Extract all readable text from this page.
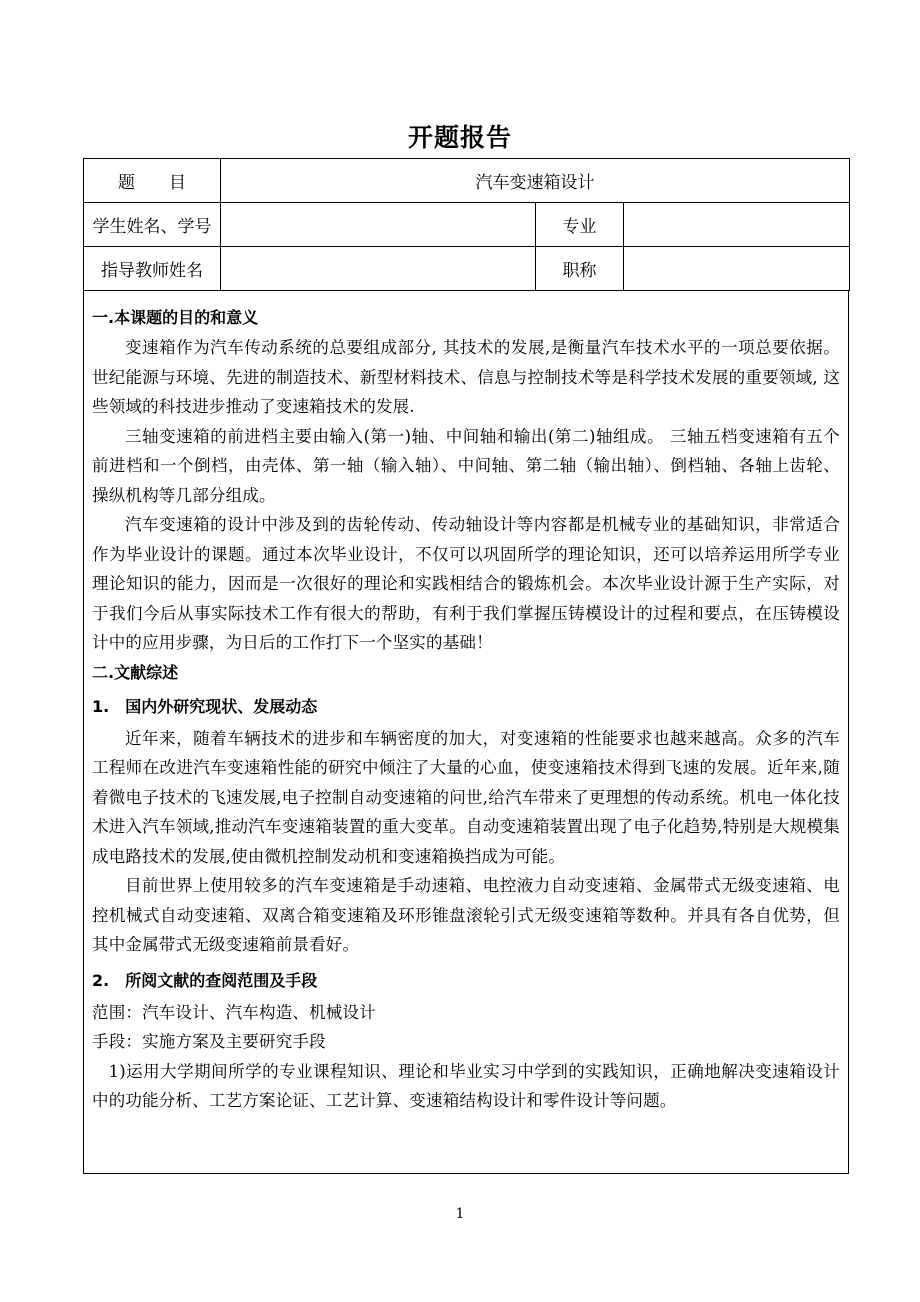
开题报告
题　　目	汽车变速箱设计		
学生姓名、学号		专业	
指导教师姓名		职称	
一.本课题的目的和意义

变速箱作为汽车传动系统的总要组成部分, 其技术的发展,是衡量汽车技术水平的一项总要依据。世纪能源与环境、先进的制造技术、新型材料技术、信息与控制技术等是科学技术发展的重要领域, 这些领域的科技进步推动了变速箱技术的发展.

三轴变速箱的前进档主要由输入(第一)轴、中间轴和输出(第二)轴组成。 三轴五档变速箱有五个前进档和一个倒档，由壳体、第一轴（输入轴）、中间轴、第二轴（输出轴）、倒档轴、各轴上齿轮、操纵机构等几部分组成。

汽车变速箱的设计中涉及到的齿轮传动、传动轴设计等内容都是机械专业的基础知识，非常适合作为毕业设计的课题。通过本次毕业设计，不仅可以巩固所学的理论知识，还可以培养运用所学专业理论知识的能力，因而是一次很好的理论和实践相结合的锻炼机会。本次毕业设计源于生产实际，对于我们今后从事实际技术工作有很大的帮助，有利于我们掌握压铸模设计的过程和要点，在压铸模设计中的应用步骤，为日后的工作打下一个坚实的基础！

二.文献综述
1.　国内外研究现状、发展动态

近年来，随着车辆技术的进步和车辆密度的加大，对变速箱的性能要求也越来越高。众多的汽车工程师在改进汽车变速箱性能的研究中倾注了大量的心血，使变速箱技术得到飞速的发展。近年来,随着微电子技术的飞速发展,电子控制自动变速箱的问世,给汽车带来了更理想的传动系统。机电一体化技术进入汽车领域,推动汽车变速箱装置的重大变革。自动变速箱装置出现了电子化趋势,特别是大规模集成电路技术的发展,使由微机控制发动机和变速箱换挡成为可能。

目前世界上使用较多的汽车变速箱是手动速箱、电控液力自动变速箱、金属带式无级变速箱、电控机械式自动变速箱、双离合箱变速箱及环形锥盘滚轮引式无级变速箱等数种。并具有各自优势，但其中金属带式无级变速箱前景看好。

2.　所阅文献的查阅范围及手段

范围：汽车设计、汽车构造、机械设计

手段：实施方案及主要研究手段

1)运用大学期间所学的专业课程知识、理论和毕业实习中学到的实践知识，正确地解决变速箱设计中的功能分析、工艺方案论证、工艺计算、变速箱结构设计和零件设计等问题。

1
